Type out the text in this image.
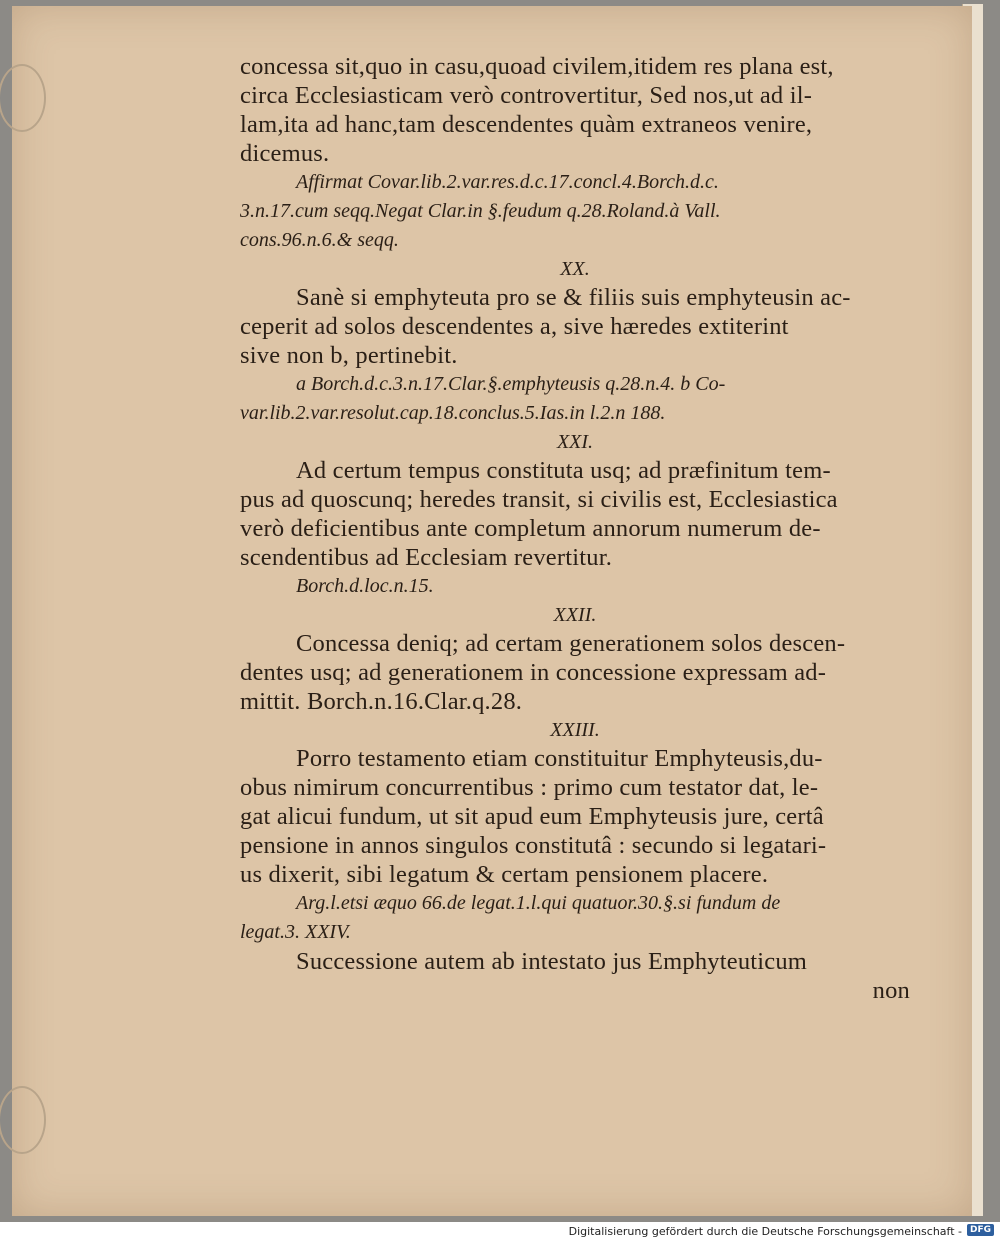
concessa sit,quo in casu,quoad civilem,itidem res plana est,
circa Ecclesiasticam verò controvertitur, Sed nos,ut ad il-
lam,ita ad hanc,tam descendentes quàm extraneos venire,
dicemus.
Affirmat Covar.lib.2.var.res.d.c.17.concl.4.Borch.d.c.
3.n.17.cum seqq.Negat Clar.in §.feudum q.28.Roland.à Vall.
cons.96.n.6.& seqq.
XX.
Sanè si emphyteuta pro se & filiis suis emphyteusin ac-
ceperit ad solos descendentes a, sive hæredes extiterint
sive non b, pertinebit.
a Borch.d.c.3.n.17.Clar.§.emphyteusis q.28.n.4. b Co-
var.lib.2.var.resolut.cap.18.conclus.5.Ias.in l.2.n 188.
XXI.
Ad certum tempus constituta usq; ad præfinitum tem-
pus ad quoscunq; heredes transit, si civilis est, Ecclesiastica
verò deficientibus ante completum annorum numerum de-
scendentibus ad Ecclesiam revertitur.
Borch.d.loc.n.15.
XXII.
Concessa deniq; ad certam generationem solos descen-
dentes usq; ad generationem in concessione expressam ad-
mittit. Borch.n.16.Clar.q.28.
XXIII.
Porro testamento etiam constituitur Emphyteusis,du-
obus nimirum concurrentibus : primo cum testator dat, le-
gat alicui fundum, ut sit apud eum Emphyteusis jure, certâ
pensione in annos singulos constitutâ : secundo si legatari-
us dixerit, sibi legatum & certam pensionem placere.
Arg.l.etsi æquo 66.de legat.1.l.qui quatuor.30.§.si fundum de
legat.3. XXIV.
Successione autem ab intestato jus Emphyteuticum
non
Digitalisierung gefördert durch die Deutsche Forschungsgemeinschaft - DFG
